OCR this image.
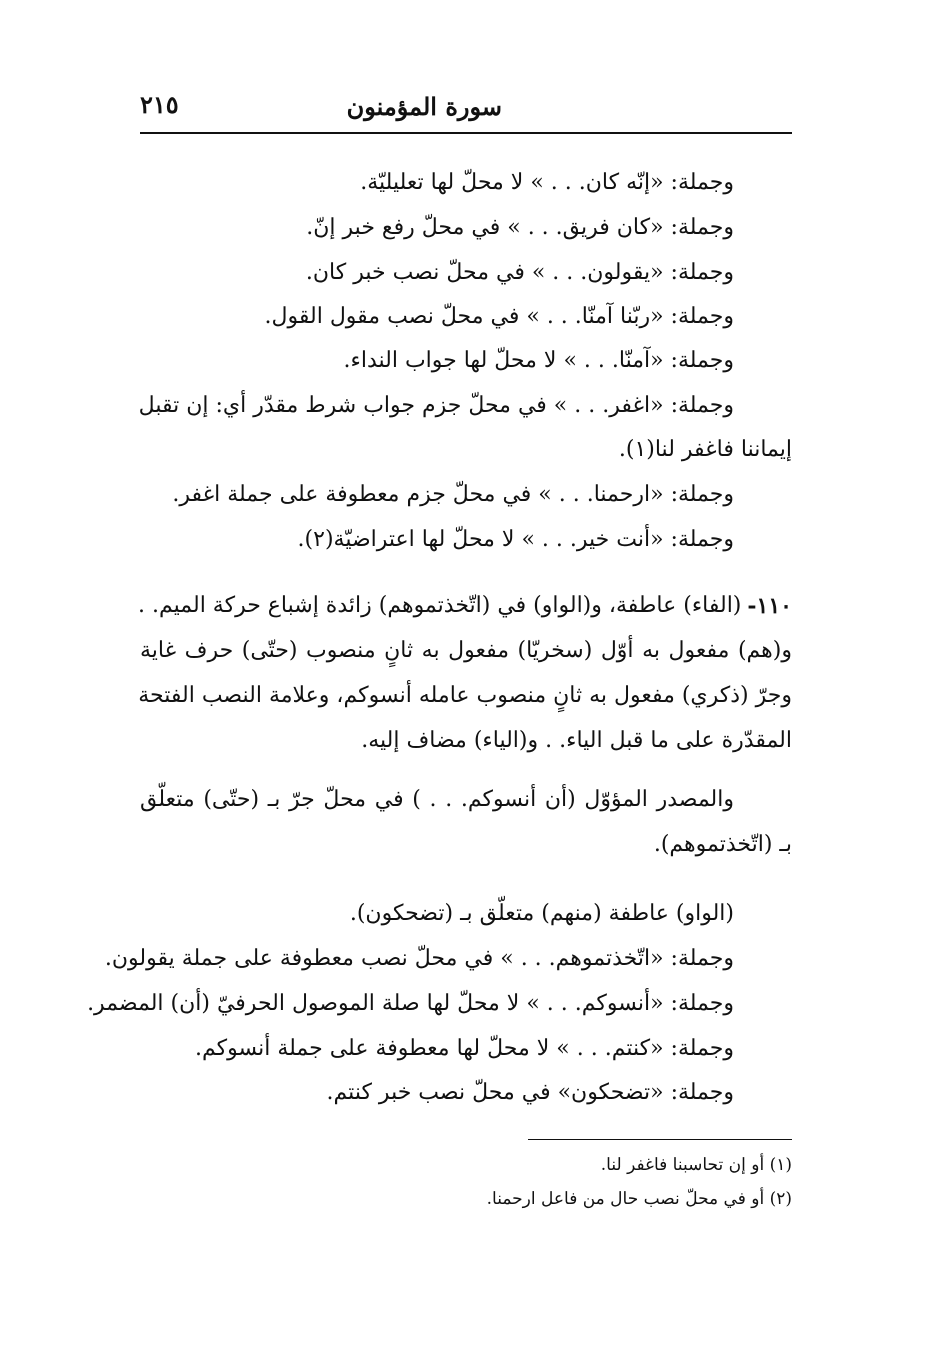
سورة المؤمنون
٢١٥
وجملة: «إنّه كان. . . » لا محلّ لها تعليليّة.
وجملة: «كان فريق. . . » في محلّ رفع خبر إنّ.
وجملة: «يقولون. . . » في محلّ نصب خبر كان.
وجملة: «ربّنا آمنّا. . . » في محلّ نصب مقول القول.
وجملة: «آمنّا. . . » لا محلّ لها جواب النداء.
وجملة: «اغفر. . . » في محلّ جزم جواب شرط مقدّر أي: إن تقبل
إيماننا فاغفر لنا(١).
وجملة: «ارحمنا. . . » في محلّ جزم معطوفة على جملة اغفر.
وجملة: «أنت خير. . . » لا محلّ لها اعتراضيّة(٢).
١١٠-
(الفاء) عاطفة، و(الواو) في (اتّخذتموهم) زائدة إشباع حركة الميم. .
و(هم) مفعول به أوّل (سخريّا) مفعول به ثانٍ منصوب (حتّى) حرف غاية
وجرّ (ذكري) مفعول به ثانٍ منصوب عامله أنسوكم، وعلامة النصب الفتحة
المقدّرة على ما قبل الياء. . و(الياء) مضاف إليه.
والمصدر المؤوّل (أن أنسوكم. . . ) في محلّ جرّ بـ (حتّى) متعلّق
بـ (اتّخذتموهم).
(الواو) عاطفة (منهم) متعلّق بـ (تضحكون).
وجملة: «اتّخذتموهم. . . » في محلّ نصب معطوفة على جملة يقولون.
وجملة: «أنسوكم. . . » لا محلّ لها صلة الموصول الحرفيّ (أن) المضمر.
وجملة: «كنتم. . . » لا محلّ لها معطوفة على جملة أنسوكم.
وجملة: «تضحكون» في محلّ نصب خبر كنتم.
(١) أو إن تحاسبنا فاغفر لنا.
(٢) أو في محلّ نصب حال من فاعل ارحمنا.
